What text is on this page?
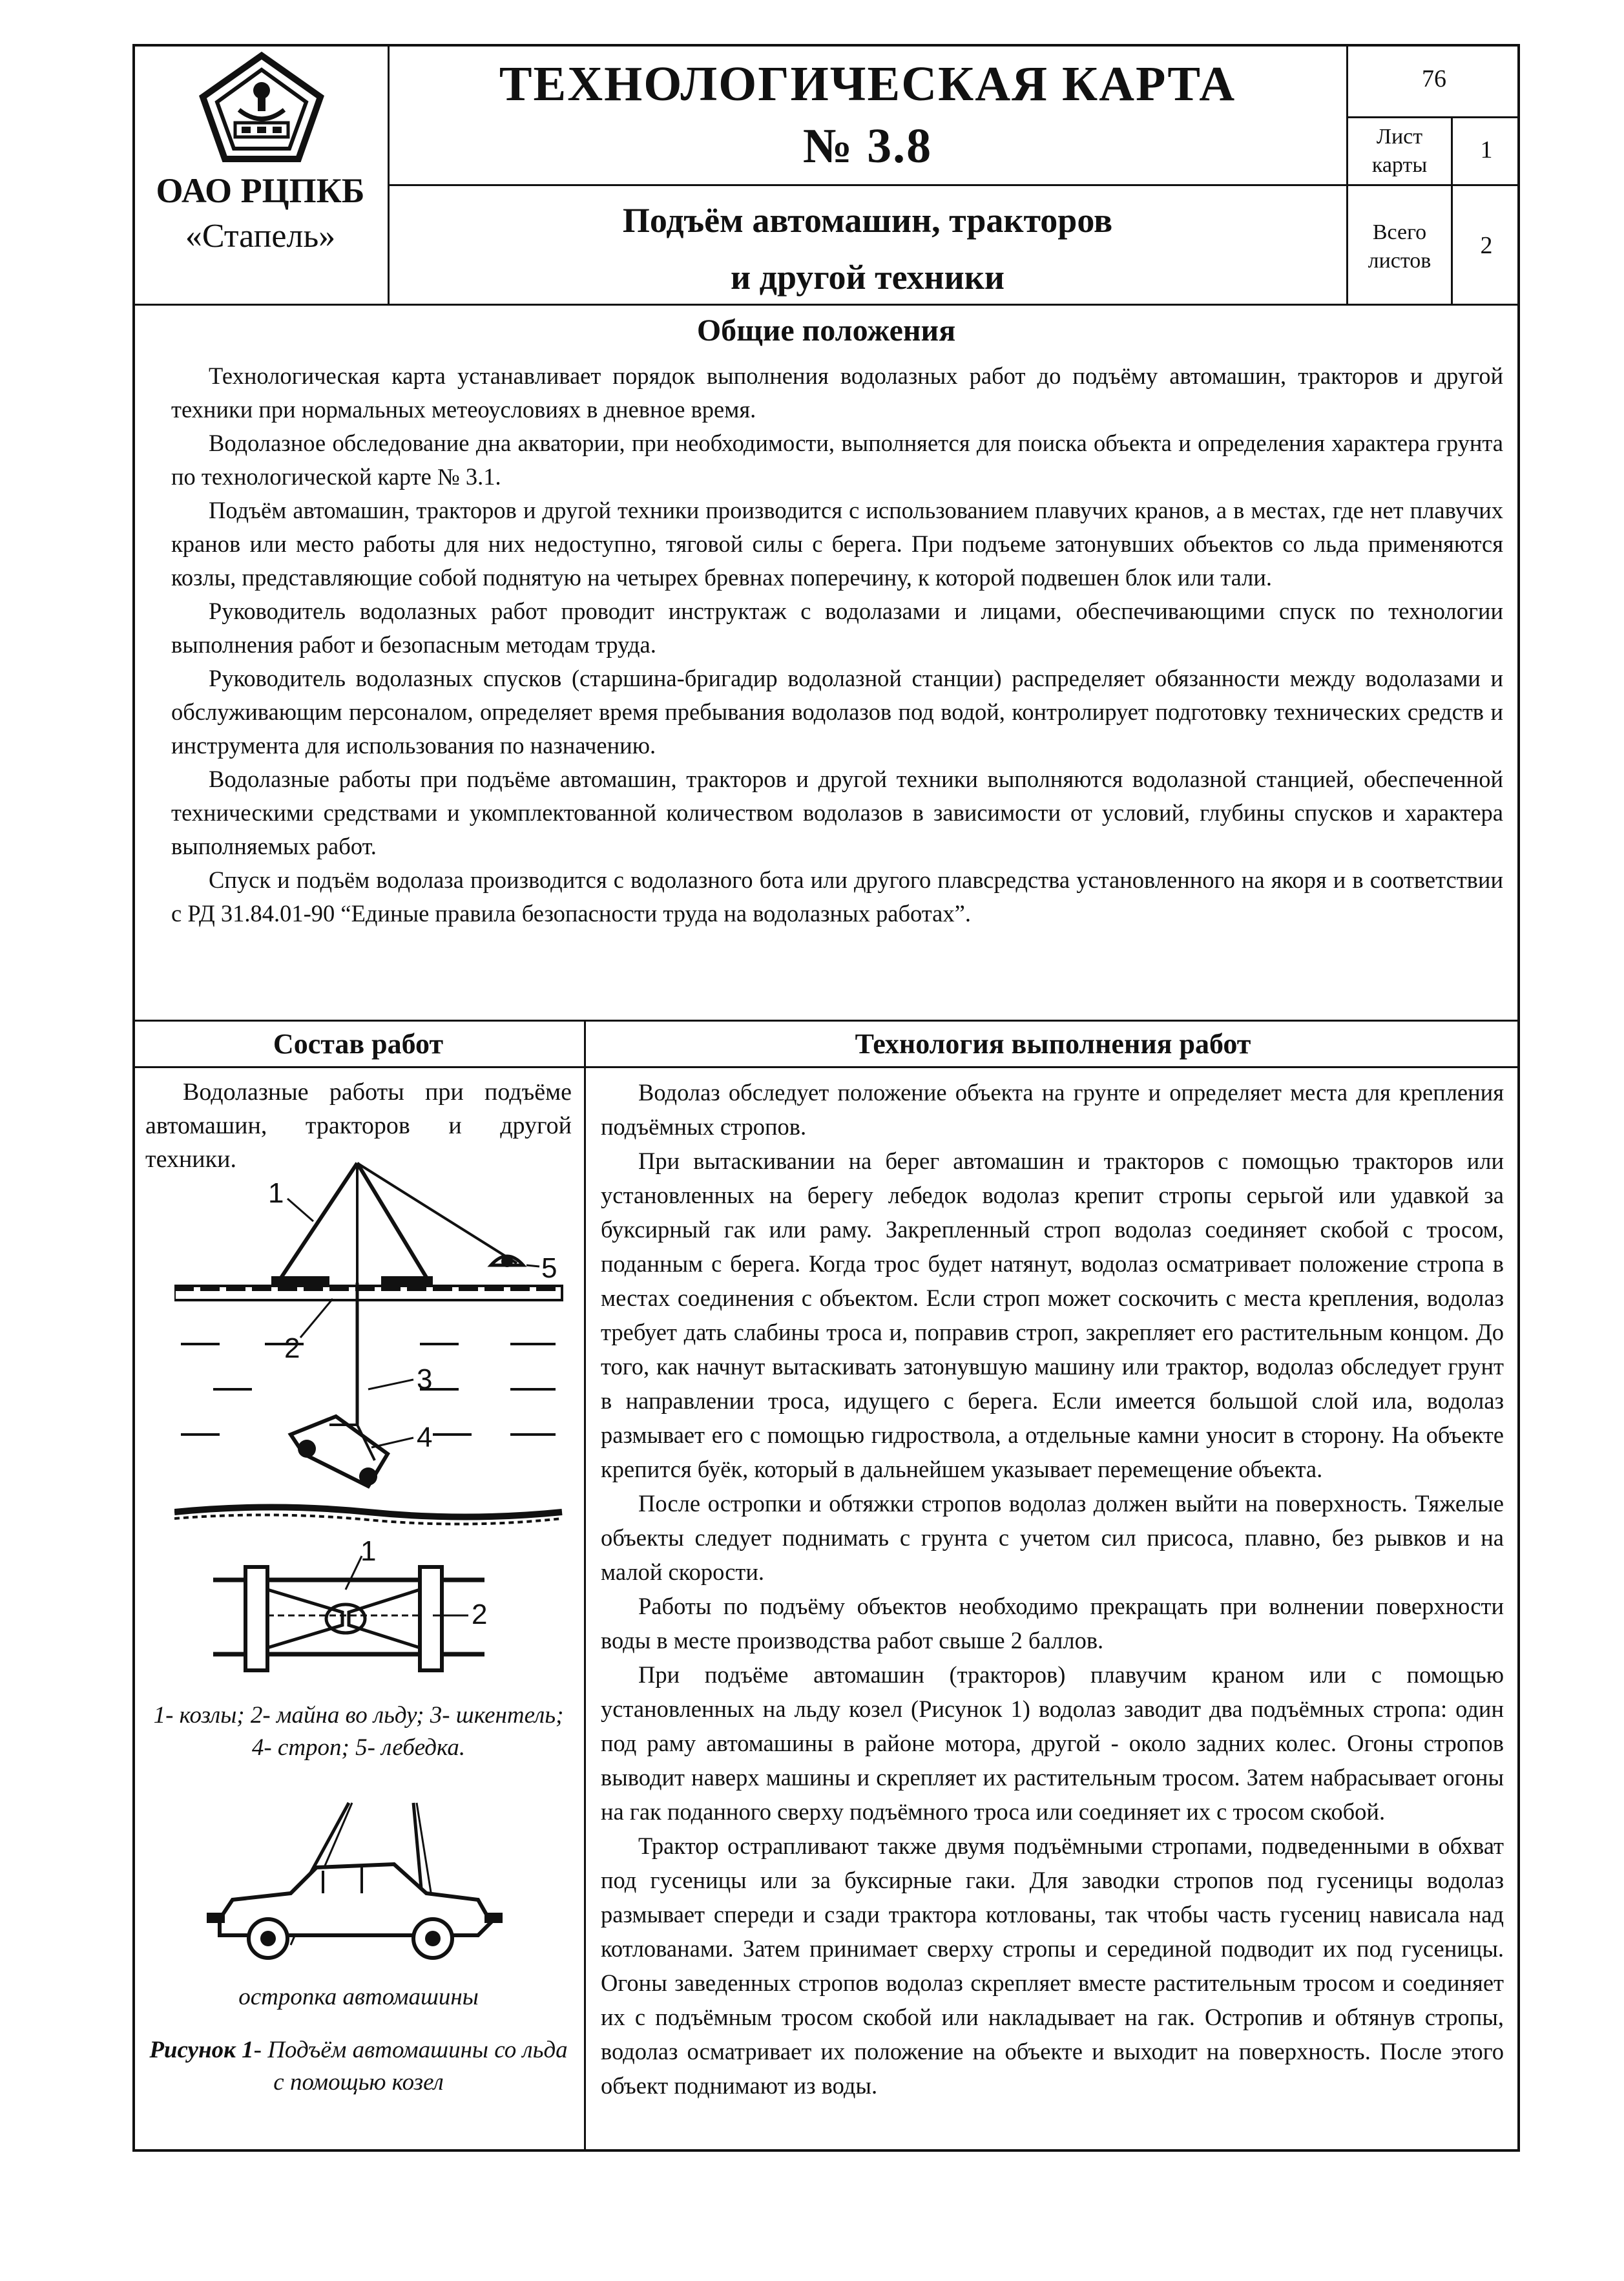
ОАО РЦПКБ
«Стапель»
ТЕХНОЛОГИЧЕСКАЯ КАРТА
№ 3.8
Подъём автомашин, тракторов
и другой техники
76
Лист
карты
1
Всего
листов
2
Общие положения

Технологическая карта устанавливает порядок выполнения водолазных работ до подъёму автомашин, тракторов и другой техники при нормальных метеоусловиях в дневное время.

Водолазное обследование дна акватории, при необходимости, выполняется для поиска объекта и определения характера грунта по технологической карте № 3.1.

Подъём автомашин, тракторов и другой техники производится с использованием плавучих кранов, а в местах, где нет плавучих кранов или место работы для них недоступно, тяговой силы с берега. При подъеме затонувших объектов со льда применяются козлы, представляющие собой поднятую на четырех бревнах поперечину, к которой подвешен блок или тали.

Руководитель водолазных работ проводит инструктаж с водолазами и лицами, обеспечивающими спуск по технологии выполнения работ и безопасным методам труда.

Руководитель водолазных спусков (старшина-бригадир водолазной станции) распределяет обязанности между водолазами и обслуживающим персоналом, определяет время пребывания водолазов под водой, контролирует подготовку технических средств и инструмента для использования по назначению.

Водолазные работы при подъёме автомашин, тракторов и другой техники выполняются водолазной станцией, обеспеченной техническими средствами и укомплектованной количеством водолазов в зависимости от условий, глубины спусков и характера выполняемых работ.

Спуск и подъём водолаза производится с водолазного бота или другого плавсредства установленного на якоря и в соответствии с РД 31.84.01-90 “Единые правила безопасности труда на водолазных работах”.

Состав работ	Технология выполнения работ

Водолазные работы при подъёме автомашин, тракторов и другой техники.

1
2
3
4
5
1
2
1- козлы; 2- майна во льду; 3- шкентель; 4- строп; 5- лебедка.
остропка автомашины
Рисунок 1- Подъём автомашины со льда с помощью козел

Водолаз обследует положение объекта на грунте и определяет места для крепления подъёмных стропов.

При вытаскивании на берег автомашин и тракторов с помощью тракторов или установленных на берегу лебедок водолаз крепит стропы серьгой или удавкой за буксирный гак или раму. Закрепленный строп водолаз соединяет скобой с тросом, поданным с берега. Когда трос будет натянут, водолаз осматривает положение стропа в местах соединения с объектом. Если строп может соскочить с места крепления, водолаз требует дать слабины троса и, поправив строп, закрепляет его растительным концом. До того, как начнут вытаскивать затонувшую машину или трактор, водолаз обследует грунт в направлении троса, идущего с берега. Если имеется большой слой ила, водолаз размывает его с помощью гидроствола, а отдельные камни уносит в сторону. На объекте крепится буёк, который в дальнейшем указывает перемещение объекта.

После остропки и обтяжки стропов водолаз должен выйти на поверхность. Тяжелые объекты следует поднимать с грунта с учетом сил присоса, плавно, без рывков и на малой скорости.

Работы по подъёму объектов необходимо прекращать при волнении поверхности воды в месте производства работ свыше 2 баллов.

При подъёме автомашин (тракторов) плавучим краном или с помощью установленных на льду козел (Рисунок 1) водолаз заводит два подъёмных стропа: один под раму автомашины в районе мотора, другой - около задних колес. Огоны стропов выводит наверх машины и скрепляет их растительным тросом. Затем набрасывает огоны на гак поданного сверху подъёмного троса или соединяет их с тросом скобой.

Трактор острапливают также двумя подъёмными стропами, подведенными в обхват под гусеницы или за буксирные гаки. Для заводки стропов под гусеницы водолаз размывает спереди и сзади трактора котлованы, так чтобы часть гусениц нависала над котлованами. Затем принимает сверху стропы и серединой подводит их под гусеницы. Огоны заведенных стропов водолаз скрепляет вместе растительным тросом и соединяет их с подъёмным тросом скобой или накладывает на гак. Остропив и обтянув стропы, водолаз осматривает их положение на объекте и выходит на поверхность. После этого объект поднимают из воды.
